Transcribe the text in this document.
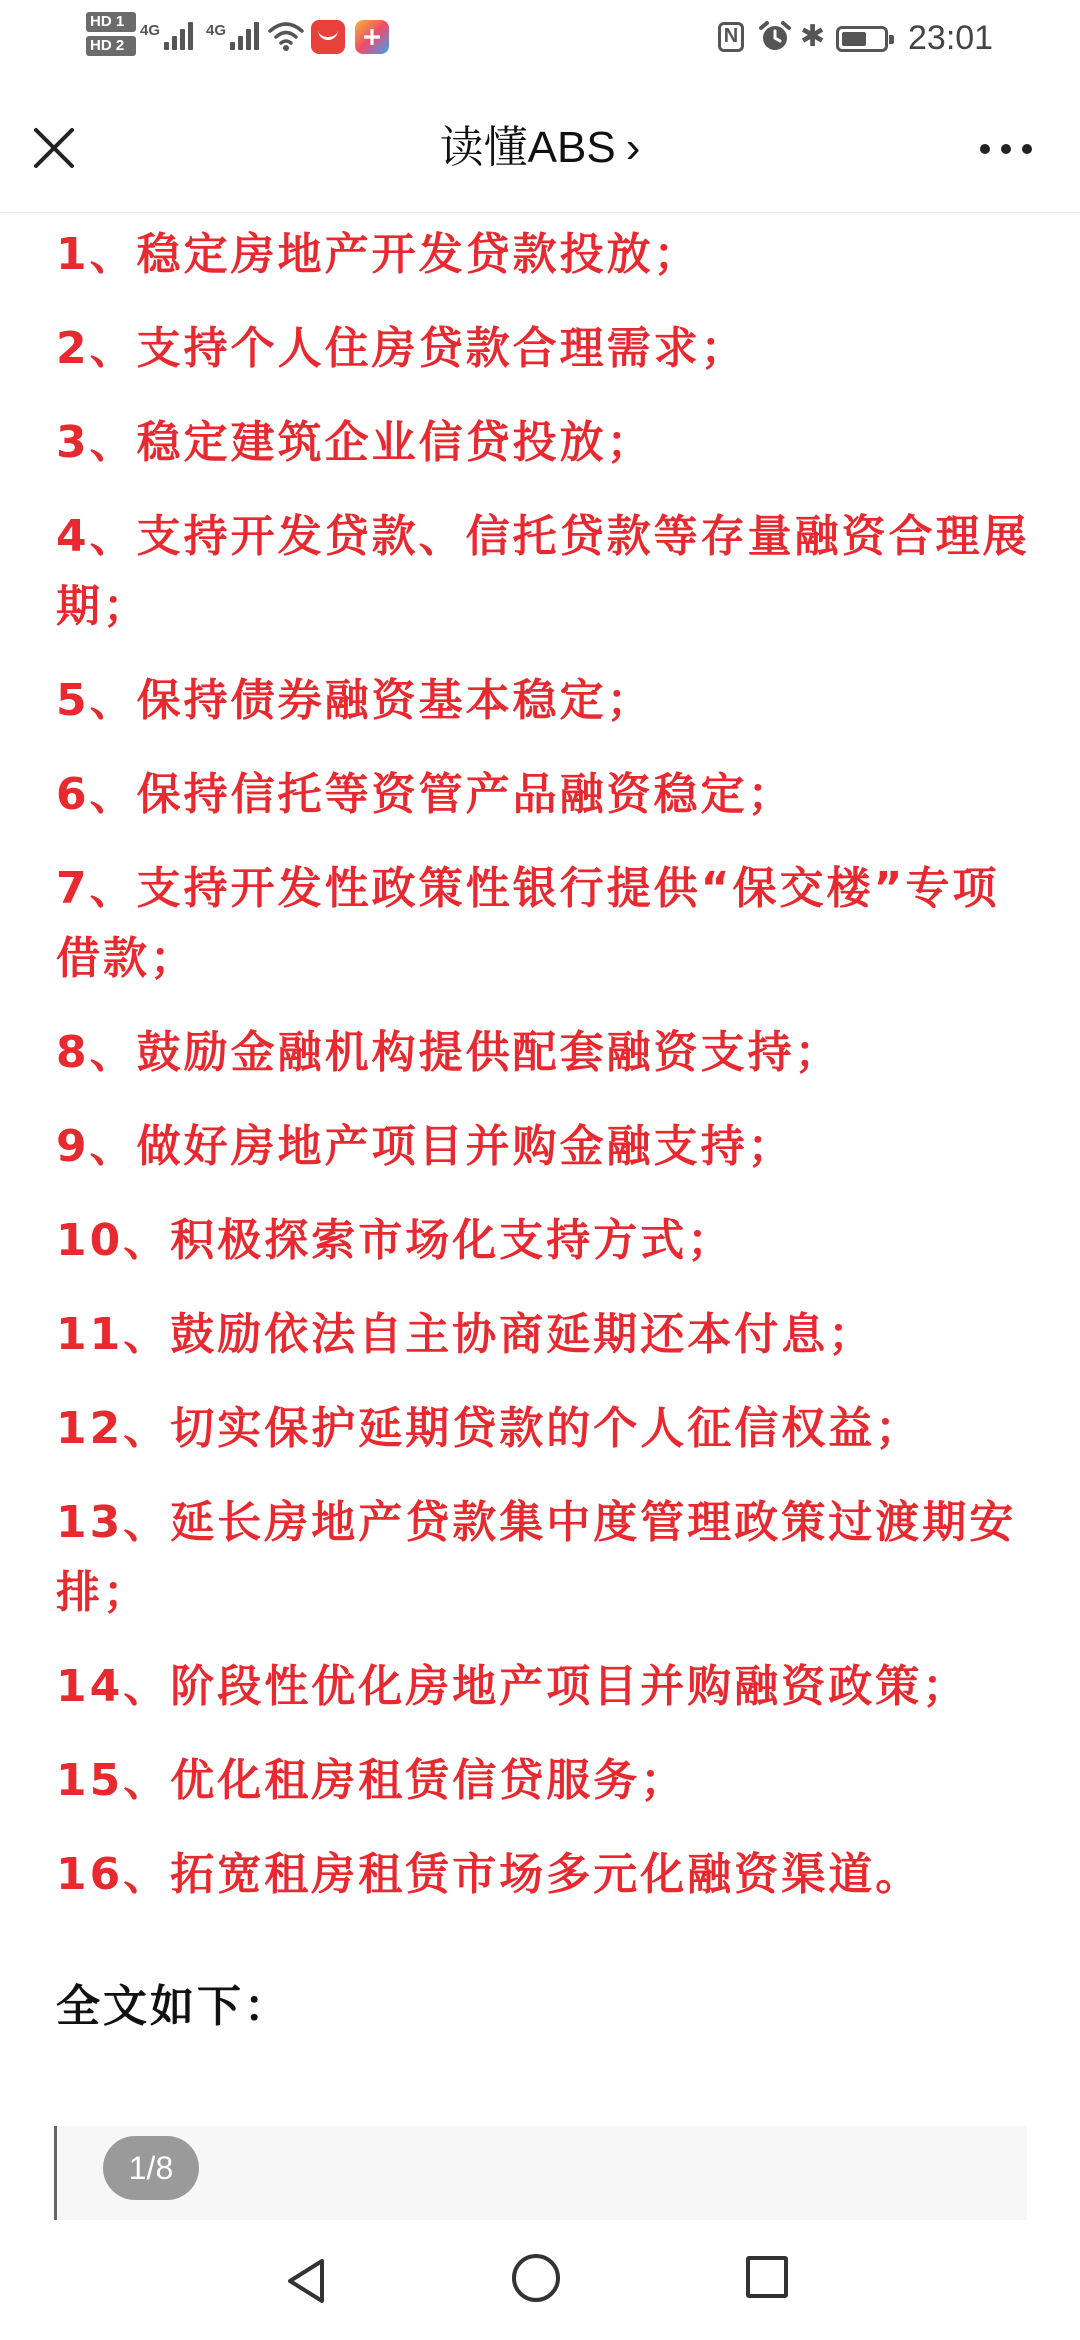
HD 1
HD 2
4G	4G	N ✱ 23:01
读懂ABS ›
1、稳定房地产开发贷款投放；
2、支持个人住房贷款合理需求；
3、稳定建筑企业信贷投放；
4、支持开发贷款、信托贷款等存量融资合理展期；
5、保持债券融资基本稳定；
6、保持信托等资管产品融资稳定；
7、支持开发性政策性银行提供“保交楼”专项借款；
8、鼓励金融机构提供配套融资支持；
9、做好房地产项目并购金融支持；
10、积极探索市场化支持方式；
11、鼓励依法自主协商延期还本付息；
12、切实保护延期贷款的个人征信权益；
13、延长房地产贷款集中度管理政策过渡期安排；
14、阶段性优化房地产项目并购融资政策；
15、优化租房租赁信贷服务；
16、拓宽租房租赁市场多元化融资渠道。
全文如下：
1/8
